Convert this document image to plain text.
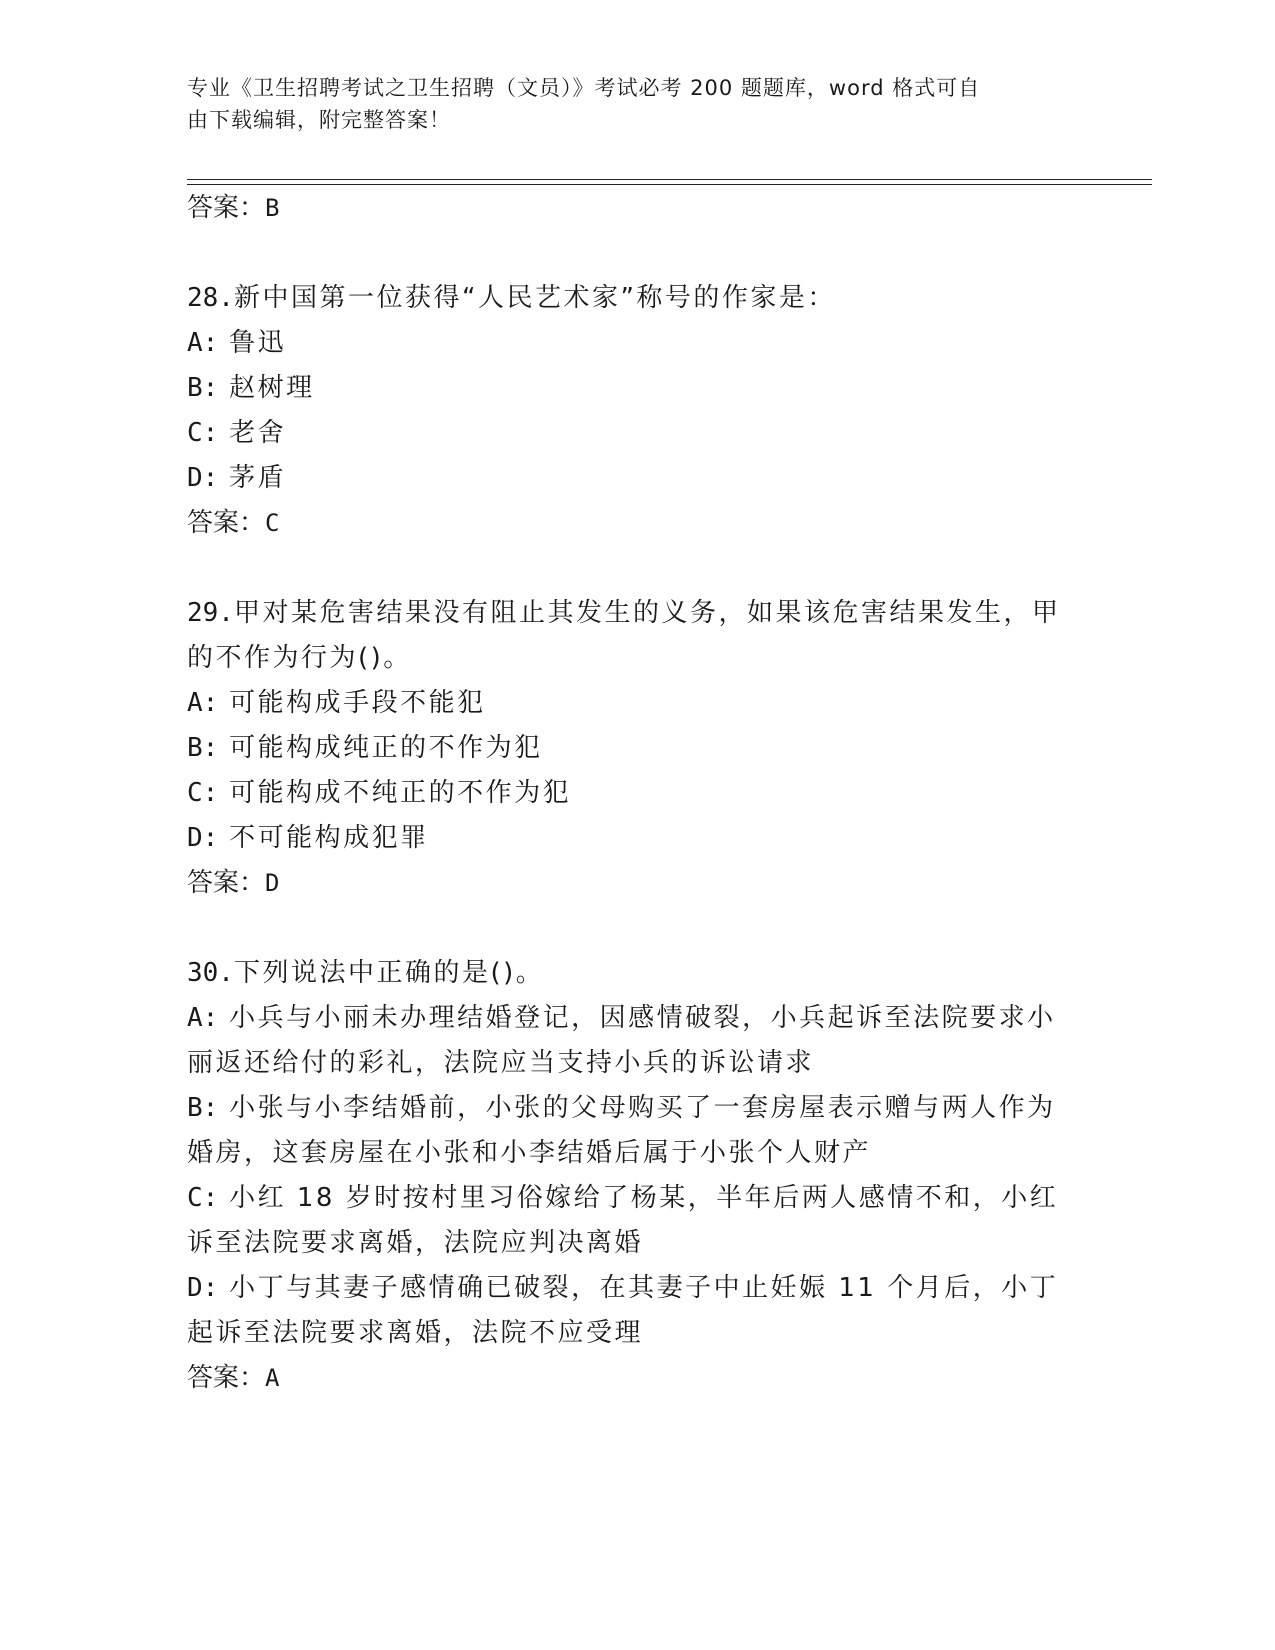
专业《卫生招聘考试之卫生招聘（文员）》考试必考 200 题题库，word 格式可自
由下载编辑，附完整答案！

答案：B

28.新中国第一位获得“人民艺术家”称号的作家是：

A: 鲁迅

B: 赵树理

C: 老舍

D: 茅盾

答案：C

29.甲对某危害结果没有阻止其发生的义务，如果该危害结果发生，甲

的不作为行为()。

A: 可能构成手段不能犯

B: 可能构成纯正的不作为犯

C: 可能构成不纯正的不作为犯

D: 不可能构成犯罪

答案：D

30.下列说法中正确的是()。

A: 小兵与小丽未办理结婚登记，因感情破裂，小兵起诉至法院要求小

丽返还给付的彩礼，法院应当支持小兵的诉讼请求

B: 小张与小李结婚前，小张的父母购买了一套房屋表示赠与两人作为

婚房，这套房屋在小张和小李结婚后属于小张个人财产

C: 小红 18 岁时按村里习俗嫁给了杨某，半年后两人感情不和，小红

诉至法院要求离婚，法院应判决离婚

D: 小丁与其妻子感情确已破裂，在其妻子中止妊娠 11 个月后，小丁

起诉至法院要求离婚，法院不应受理

答案：A
